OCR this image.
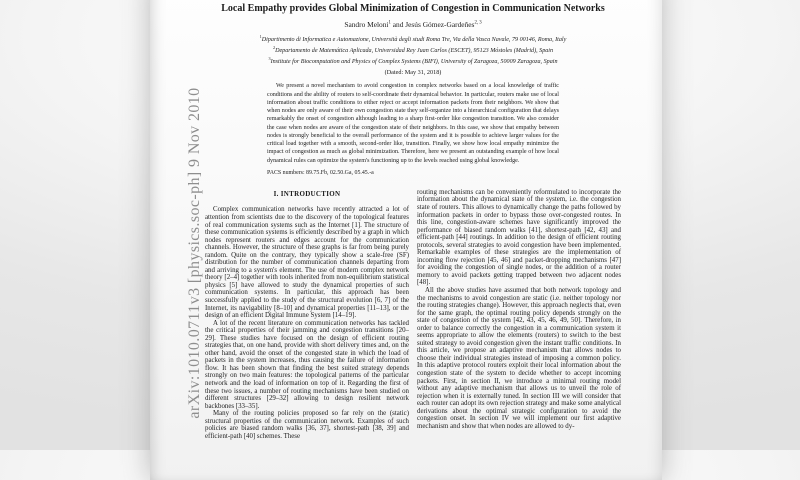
arXiv:1010.0711v3 [physics.soc-ph] 9 Nov 2010
Local Empathy provides Global Minimization of Congestion in Communication Networks
Sandro Meloni$^1$ and Jesús Gómez-Gardeñes$^{2, 3}$
$^1$Dipartimento di Informatica e Automazione, Università degli studi Roma Tre, Via della Vasca Navale, 79 00146, Roma, Italy
$^2$Departamento de Matemática Aplicada, Universidad Rey Juan Carlos (ESCET), 95123 Móstoles (Madrid), Spain
$^3$Institute for Biocomputation and Physics of Complex Systems (BIFI), University of Zaragoza, 50009 Zaragoza, Spain
(Dated: May 31, 2018)

We present a novel mechanism to avoid congestion in complex networks based on a local knowledge of traffic conditions and the ability of routers to self-coordinate their dynamical behavior. In particular, routers make use of local information about traffic conditions to either reject or accept information packets from their neighbors. We show that when nodes are only aware of their own congestion state they self-organize into a hierarchical configuration that delays remarkably the onset of congestion although leading to a sharp first-order like congestion transition. We also consider the case when nodes are aware of the congestion state of their neighbors. In this case, we show that empathy between nodes is strongly beneficial to the overall performance of the system and it is possible to achieve larger values for the critical load together with a smooth, second-order like, transition. Finally, we show how local empathy minimize the impact of congestion as much as global minimization. Therefore, here we present an outstanding example of how local dynamical rules can optimize the system's functioning up to the levels reached using global knowledge.

PACS numbers: 89.75.Fb, 02.50.Ga, 05.45.-a
I. INTRODUCTION

Complex communication networks have recently attracted a lot of attention from scientists due to the discovery of the topological features of real communication systems such as the Internet [1]. The structure of these communication systems is efficiently described by a graph in which nodes represent routers and edges account for the communication channels. However, the structure of these graphs is far from being purely random. Quite on the contrary, they typically show a scale-free (SF) distribution for the number of communication channels departing from and arriving to a system's element. The use of modern complex network theory [2–4] together with tools inherited from non-equilibrium statistical physics [5] have allowed to study the dynamical properties of such communication systems. In particular, this approach has been successfully applied to the study of the structural evolution [6, 7] of the Internet, its navigability [8–10] and dynamical properties [11–13], or the design of an efficient Digital Immune System [14–19].

A lot of the recent literature on communication networks has tackled the critical properties of their jamming and congestion transitions [20–29]. These studies have focused on the design of efficient routing strategies that, on one hand, provide with short delivery times and, on the other hand, avoid the onset of the congested state in which the load of packets in the system increases, thus causing the failure of information flow. It has been shown that finding the best suited strategy depends strongly on two main features: the topological patterns of the particular network and the load of information on top of it. Regarding the first of these two issues, a number of routing mechanisms have been studied on different structures [29–32] allowing to design resilient network backbones [33–35].

Many of the routing policies proposed so far rely on the (static) structural properties of the communication network. Examples of such policies are biased random walks [36, 37], shortest-path [38, 39] and efficient-path [40] schemes. These

routing mechanisms can be conveniently reformulated to incorporate the information about the dynamical state of the system, i.e. the congestion state of routers. This allows to dynamically change the paths followed by information packets in order to bypass those over-congested routes. In this line, congestion-aware schemes have significantly improved the performance of biased random walks [41], shortest-path [42, 43] and efficient-path [44] routings. In addition to the design of efficient routing protocols, several strategies to avoid congestion have been implemented. Remarkable examples of these strategies are the implementation of incoming flow rejection [45, 46] and packet-dropping mechanisms [47] for avoiding the congestion of single nodes, or the addition of a router memory to avoid packets getting trapped between two adjacent nodes [48].

All the above studies have assumed that both network topology and the mechanisms to avoid congestion are static (i.e. neither topology nor the routing strategies change). However, this approach neglects that, even for the same graph, the optimal routing policy depends strongly on the state of congestion of the system [42, 43, 45, 46, 49, 50]. Therefore, in order to balance correctly the congestion in a communication system it seems appropriate to allow the elements (routers) to switch to the best suited strategy to avoid congestion given the instant traffic conditions. In this article, we propose an adaptive mechanism that allows nodes to choose their individual strategies instead of imposing a common policy. In this adaptive protocol routers exploit their local information about the congestion state of the system to decide whether to accept incoming packets. First, in section II, we introduce a minimal routing model without any adaptive mechanism that allows us to unveil the role of rejection when it is externally tuned. In section III we will consider that each router can adopt its own rejection strategy and make some analytical derivations about the optimal strategic configuration to avoid the congestion onset. In section IV we will implement our first adaptive mechanism and show that when nodes are allowed to dy-
